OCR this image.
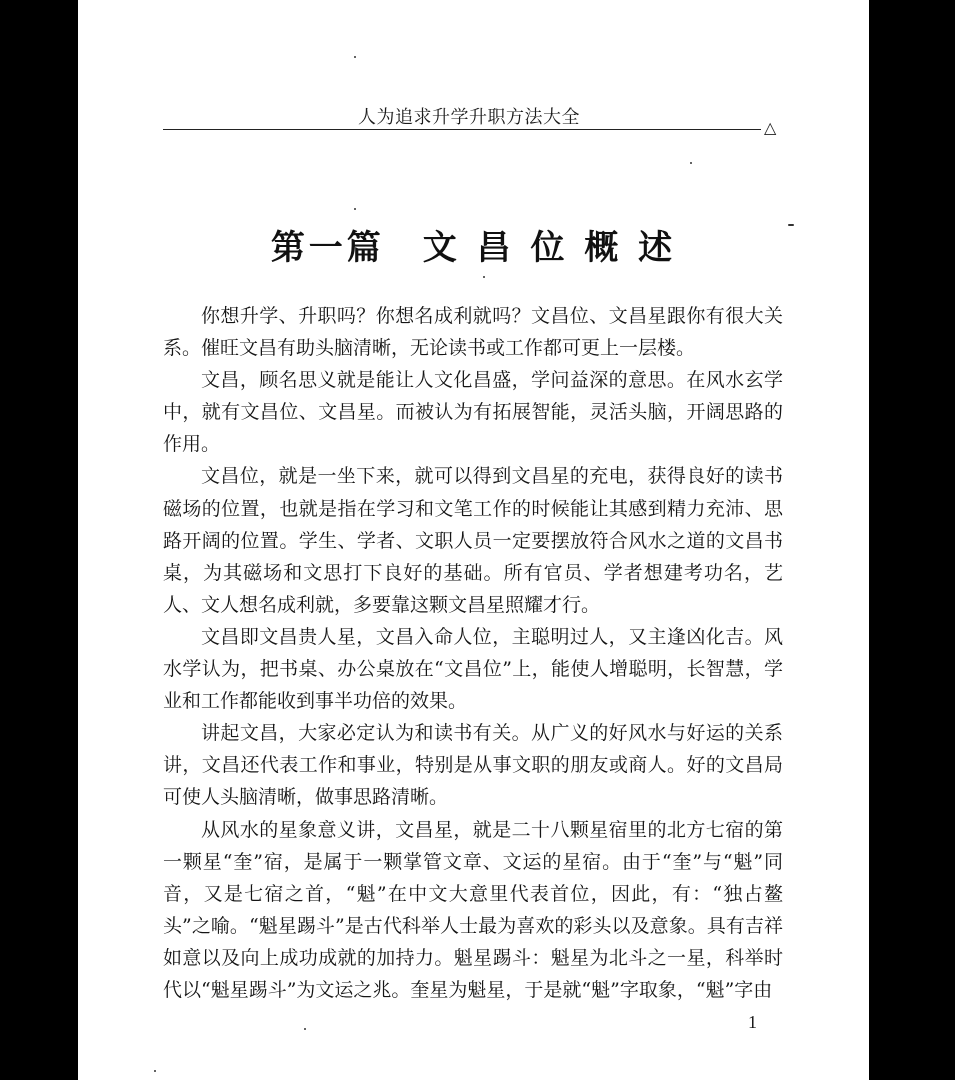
人为追求升学升职方法大全	△
第一篇　文 昌 位 概 述

你想升学、升职吗？你想名成利就吗？文昌位、文昌星跟你有很大关系。催旺文昌有助头脑清晰，无论读书或工作都可更上一层楼。

文昌，顾名思义就是能让人文化昌盛，学问益深的意思。在风水玄学中，就有文昌位、文昌星。而被认为有拓展智能，灵活头脑，开阔思路的作用。

文昌位，就是一坐下来，就可以得到文昌星的充电，获得良好的读书磁场的位置，也就是指在学习和文笔工作的时候能让其感到精力充沛、思路开阔的位置。学生、学者、文职人员一定要摆放符合风水之道的文昌书桌，为其磁场和文思打下良好的基础。所有官员、学者想建考功名，艺人、文人想名成利就，多要靠这颗文昌星照耀才行。

文昌即文昌贵人星，文昌入命人位，主聪明过人，又主逢凶化吉。风水学认为，把书桌、办公桌放在“文昌位”上，能使人增聪明，长智慧，学业和工作都能收到事半功倍的效果。

讲起文昌，大家必定认为和读书有关。从广义的好风水与好运的关系讲，文昌还代表工作和事业，特别是从事文职的朋友或商人。好的文昌局可使人头脑清晰，做事思路清晰。

从风水的星象意义讲，文昌星，就是二十八颗星宿里的北方七宿的第一颗星“奎”宿，是属于一颗掌管文章、文运的星宿。由于“奎”与“魁”同音，又是七宿之首，“魁”在中文大意里代表首位，因此，有：“独占鳌头”之喻。“魁星踢斗”是古代科举人士最为喜欢的彩头以及意象。具有吉祥如意以及向上成功成就的加持力。魁星踢斗：魁星为北斗之一星，科举时代以“魁星踢斗”为文运之兆。奎星为魁星，于是就“魁”字取象，“魁”字由

1
